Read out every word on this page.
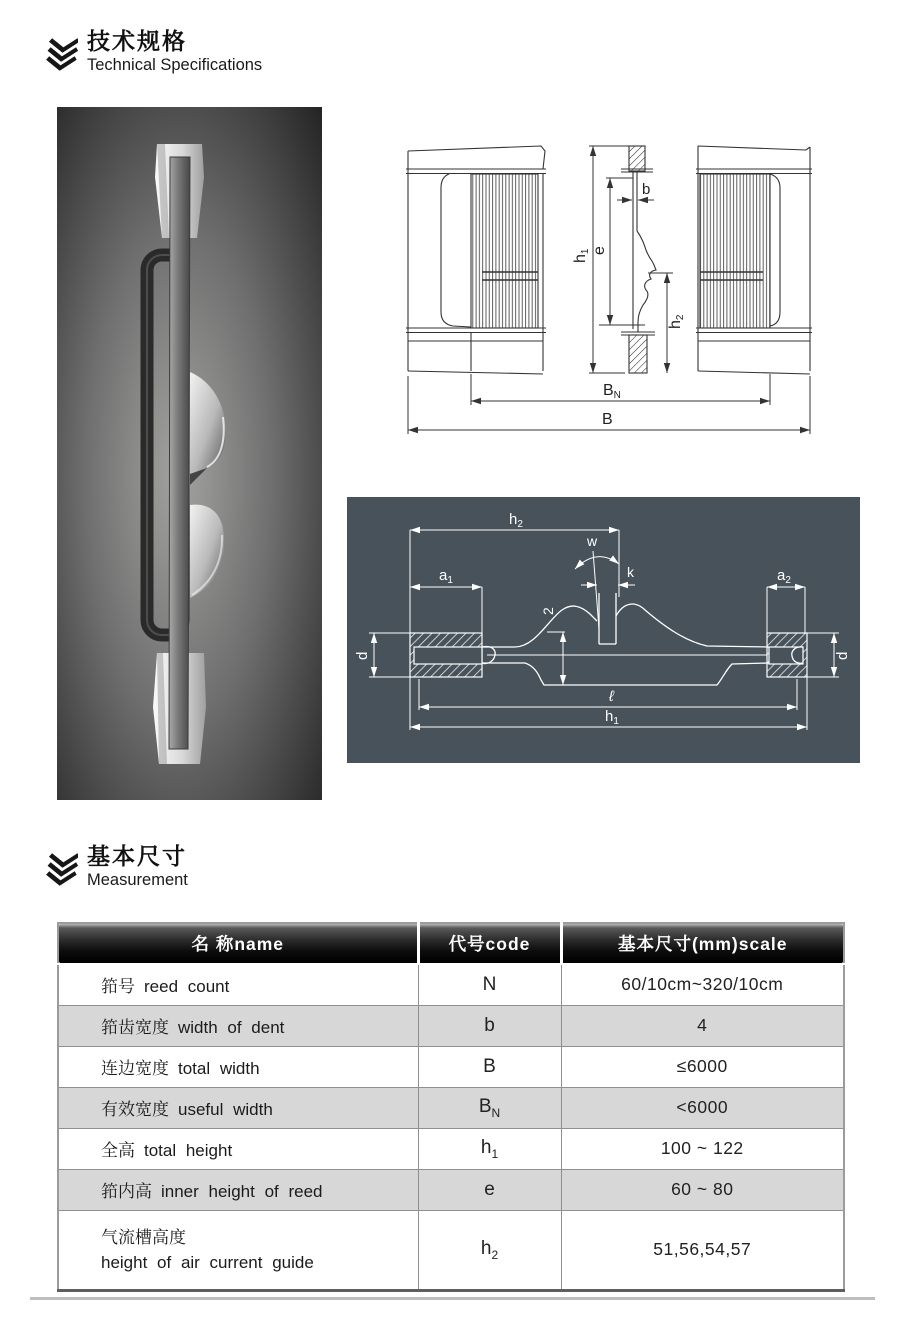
技术规格
Technical Specifications
h1 e
b
h2
BN
B
$h_2$
w
k
$a_1$	$a_2$
2
d	d
ℓ
$h_1$
基本尺寸
Measurement
名 称name	代号code	基本尺寸(mm)scale
筘号 reed count	N	60/10cm~320/10cm
筘齿宽度 width of dent	b	4
连边宽度 total width	B	≤6000
有效宽度 useful width	$B_N$	<6000
全高 total height	$h_1$	100 ~ 122
筘内高 inner height of reed	e	60 ~ 80
气流槽高度
height of air current guide	$h_2$	51,56,54,57
